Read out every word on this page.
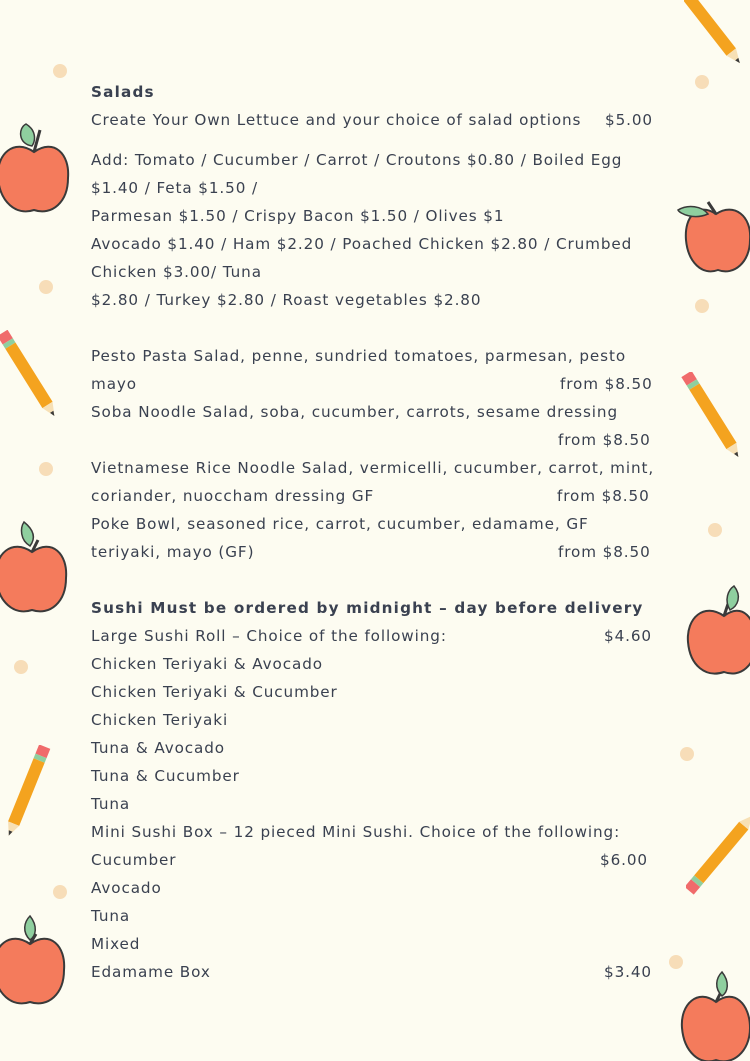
Salads
Create Your Own Lettuce and your choice of salad options $5.00
Add: Tomato / Cucumber / Carrot / Croutons $0.80 / Boiled Egg
$1.40 / Feta $1.50 /
Parmesan $1.50 / Crispy Bacon $1.50 / Olives $1
Avocado $1.40 / Ham $2.20 / Poached Chicken $2.80 / Crumbed
Chicken $3.00/ Tuna
$2.80 / Turkey $2.80 / Roast vegetables $2.80
Pesto Pasta Salad, penne, sundried tomatoes, parmesan, pesto
mayo	from $8.50
Soba Noodle Salad, soba, cucumber, carrots, sesame dressing
from $8.50
Vietnamese Rice Noodle Salad, vermicelli, cucumber, carrot, mint,
coriander, nuoccham dressing GF	from $8.50
Poke Bowl, seasoned rice, carrot, cucumber, edamame, GF
teriyaki, mayo (GF)	from $8.50
Sushi Must be ordered by midnight – day before delivery
Large Sushi Roll – Choice of the following:	$4.60
Chicken Teriyaki & Avocado
Chicken Teriyaki & Cucumber
Chicken Teriyaki
Tuna & Avocado
Tuna & Cucumber
Tuna
Mini Sushi Box – 12 pieced Mini Sushi. Choice of the following:
Cucumber	$6.00
Avocado
Tuna
Mixed
Edamame Box	$3.40
